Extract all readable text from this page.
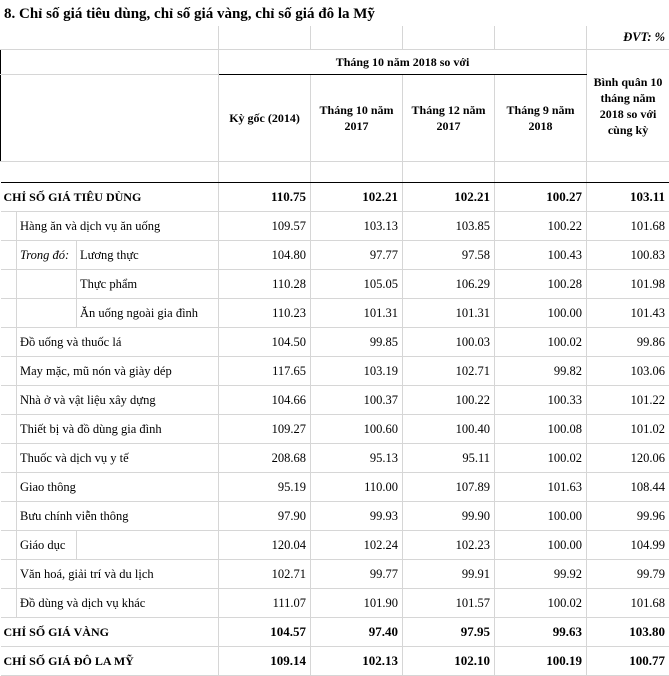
8. Chỉ số giá tiêu dùng, chỉ số giá vàng, chỉ số giá đô la Mỹ
							ĐVT: %
			Tháng 10 năm 2018 so với				Bình quân 10 tháng năm 2018 so với cùng kỳ
			Kỳ gốc (2014)	Tháng 10 năm 2017	Tháng 12 năm 2017	Tháng 9 năm 2018	

CHỈ SỐ GIÁ TIÊU DÙNG			110.75	102.21	102.21	100.27	103.11
	Hàng ăn và dịch vụ ăn uống		109.57	103.13	103.85	100.22	101.68
	Trong đó:	Lương thực	104.80	97.77	97.58	100.43	100.83
		Thực phẩm	110.28	105.05	106.29	100.28	101.98
		Ăn uống ngoài gia đình	110.23	101.31	101.31	100.00	101.43
	Đồ uống và thuốc lá		104.50	99.85	100.03	100.02	99.86
	May mặc, mũ nón và giày dép		117.65	103.19	102.71	99.82	103.06
	Nhà ở và vật liệu xây dựng		104.66	100.37	100.22	100.33	101.22
	Thiết bị và đồ dùng gia đình		109.27	100.60	100.40	100.08	101.02
	Thuốc và dịch vụ y tế		208.68	95.13	95.11	100.02	120.06
	Giao thông		95.19	110.00	107.89	101.63	108.44
	Bưu chính viễn thông		97.90	99.93	99.90	100.00	99.96
	Giáo dục		120.04	102.24	102.23	100.00	104.99
	Văn hoá, giải trí và du lịch		102.71	99.77	99.91	99.92	99.79
	Đồ dùng và dịch vụ khác		111.07	101.90	101.57	100.02	101.68
CHỈ SỐ GIÁ VÀNG			104.57	97.40	97.95	99.63	103.80
CHỈ SỐ GIÁ ĐÔ LA MỸ			109.14	102.13	102.10	100.19	100.77
